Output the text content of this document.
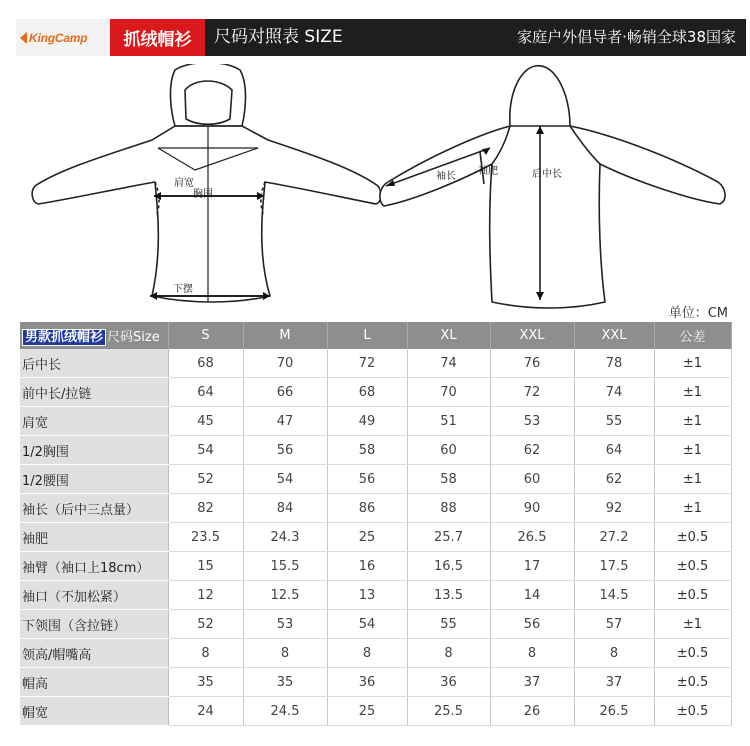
KingCamp	抓绒帽衫	尺码对照表 SIZE	家庭户外倡导者·畅销全球38国家
肩宽
胸围
下摆
袖长 袖肥	后中长
单位：CM
男款抓绒帽衫 尺码Size	S	M	L	XL	XXL	XXL	公差
后中长	68	70	72	74	76	78	±1
前中长/拉链	64	66	68	70	72	74	±1
肩宽	45	47	49	51	53	55	±1
1/2胸围	54	56	58	60	62	64	±1
1/2腰围	52	54	56	58	60	62	±1
袖长（后中三点量）	82	84	86	88	90	92	±1
袖肥	23.5	24.3	25	25.7	26.5	27.2	±0.5
袖臂（袖口上18cm）	15	15.5	16	16.5	17	17.5	±0.5
袖口（不加松紧）	12	12.5	13	13.5	14	14.5	±0.5
下领围（含拉链）	52	53	54	55	56	57	±1
领高/帽嘴高	8	8	8	8	8	8	±0.5
帽高	35	35	36	36	37	37	±0.5
帽宽	24	24.5	25	25.5	26	26.5	±0.5
